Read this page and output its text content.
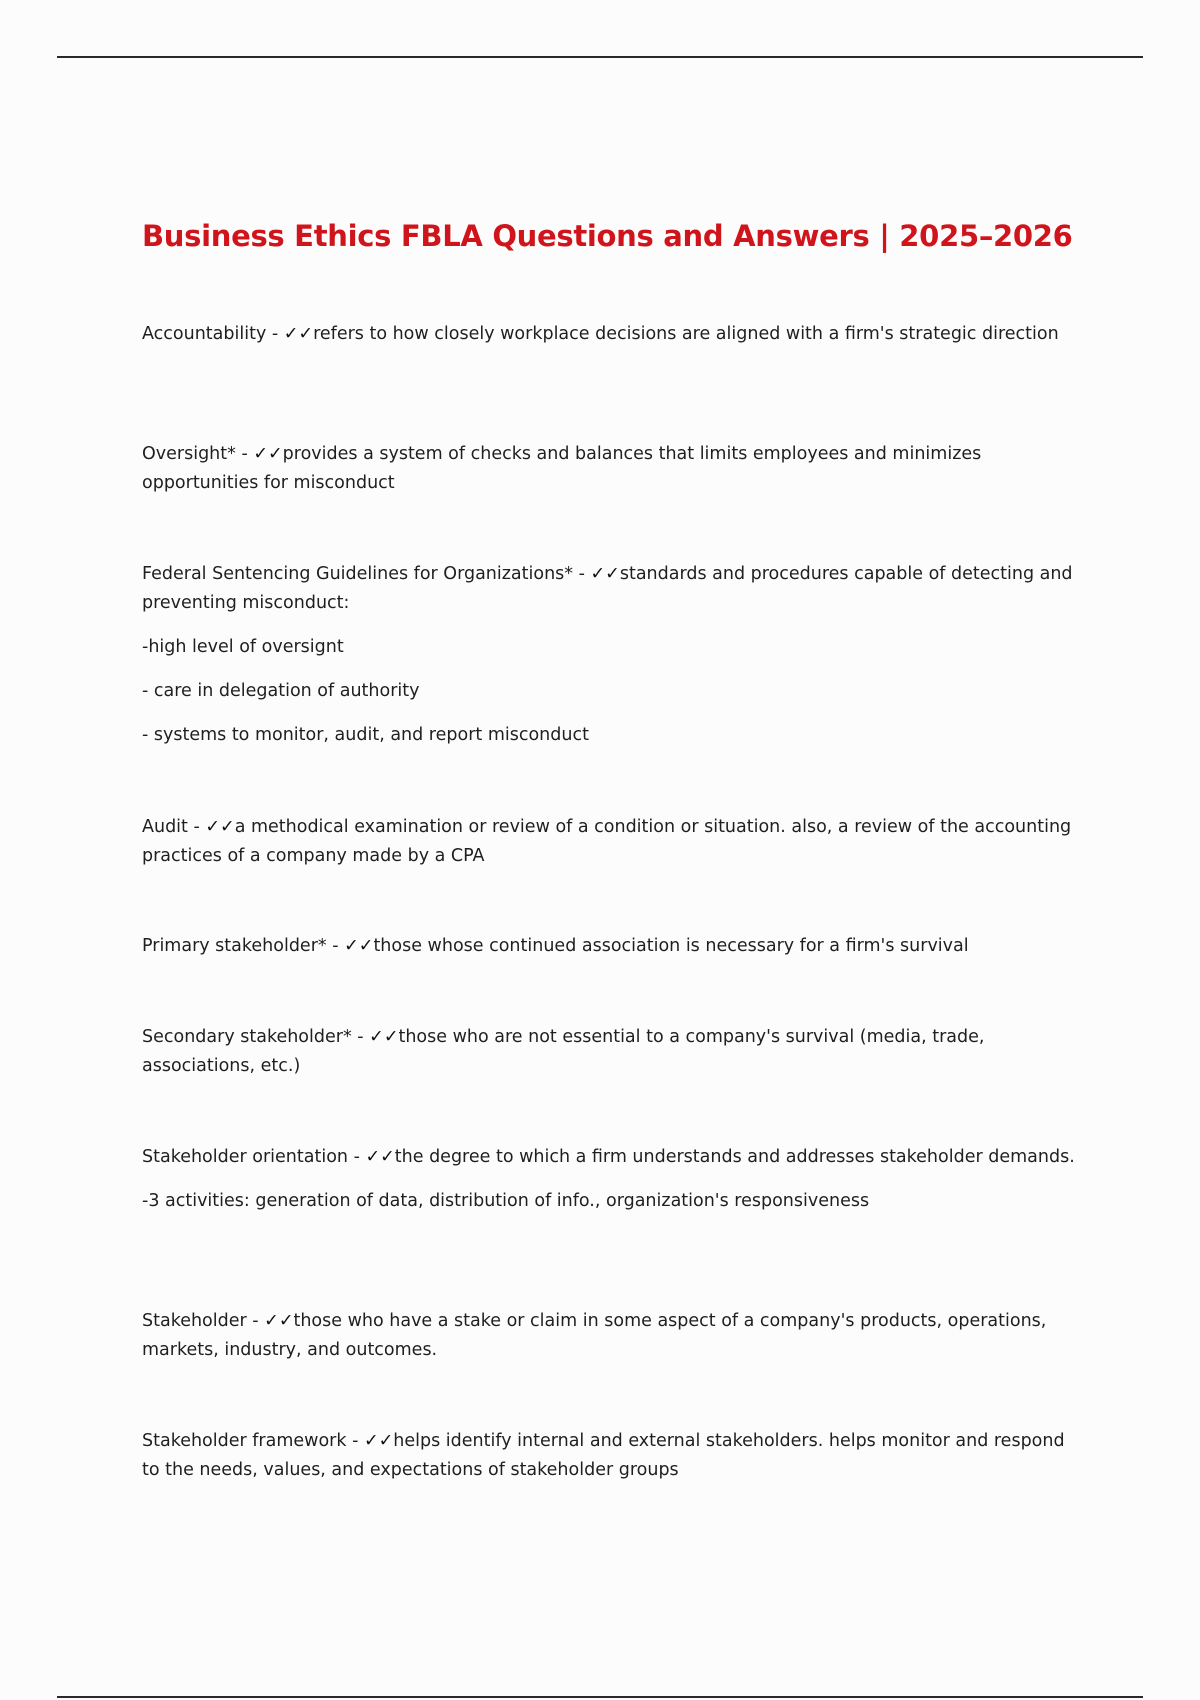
Business Ethics FBLA Questions and Answers | 2025–2026

Accountability - ✓✓refers to how closely workplace decisions are aligned with a firm's strategic direction

Oversight* - ✓✓provides a system of checks and balances that limits employees and minimizes opportunities for misconduct

Federal Sentencing Guidelines for Organizations* - ✓✓standards and procedures capable of detecting and preventing misconduct:

-high level of oversignt

- care in delegation of authority

- systems to monitor, audit, and report misconduct

Audit - ✓✓a methodical examination or review of a condition or situation. also, a review of the accounting practices of a company made by a CPA

Primary stakeholder* - ✓✓those whose continued association is necessary for a firm's survival

Secondary stakeholder* - ✓✓those who are not essential to a company's survival (media, trade, associations, etc.)

Stakeholder orientation - ✓✓the degree to which a firm understands and addresses stakeholder demands.

-3 activities: generation of data, distribution of info., organization's responsiveness

Stakeholder - ✓✓those who have a stake or claim in some aspect of a company's products, operations, markets, industry, and outcomes.

Stakeholder framework - ✓✓helps identify internal and external stakeholders. helps monitor and respond to the needs, values, and expectations of stakeholder groups
